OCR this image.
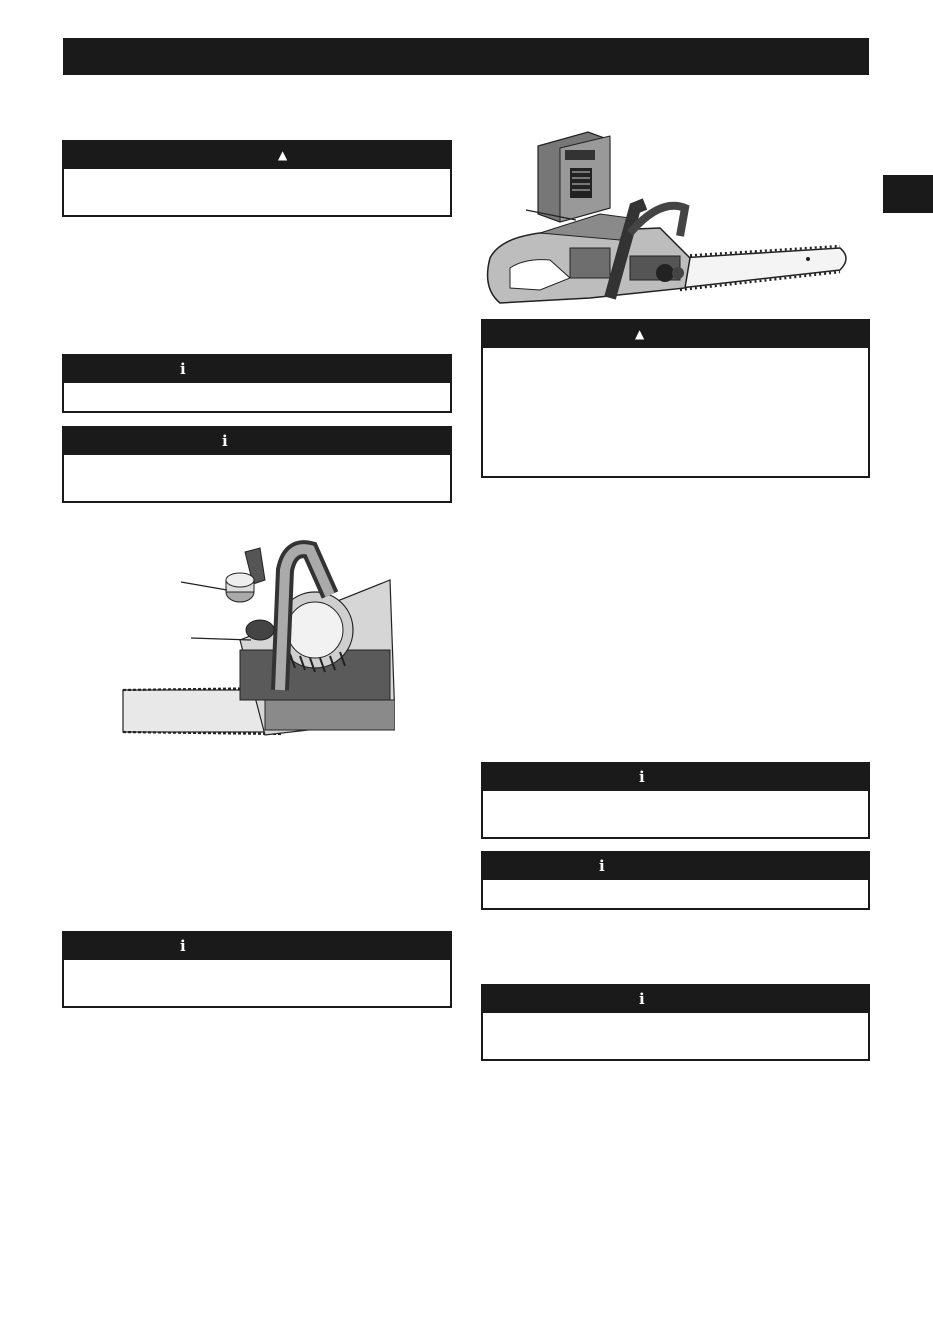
▲
i
i
i
▲
i
i
i
